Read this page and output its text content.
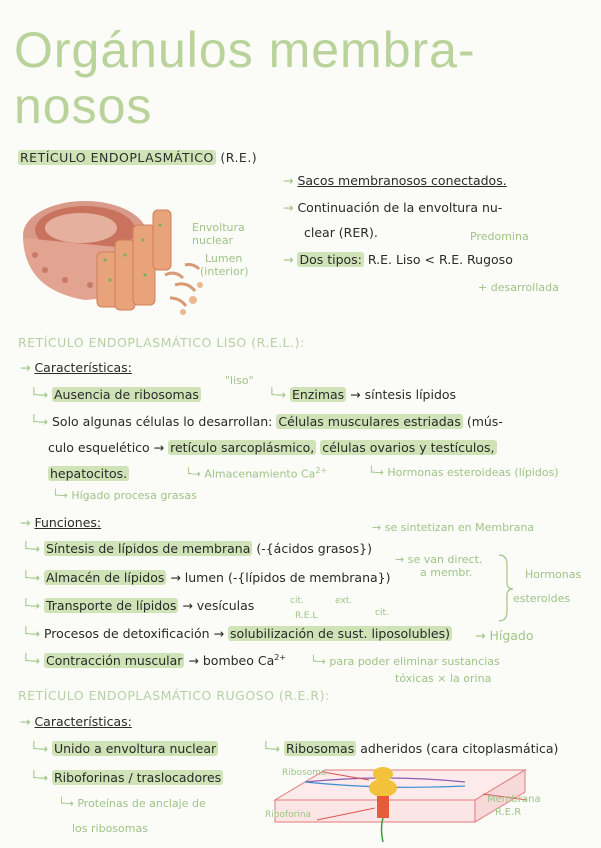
Orgánulos membra-
nosos
RETÍCULO ENDOPLASMÁTICO (R.E.)
Envoltura
nuclear
Lumen
(interior)
→ Sacos membranosos conectados.
→ Continuación de la envoltura nu-
clear (RER).	Predomina
→ Dos tipos: R.E. Liso < R.E. Rugoso
+ desarrollada
RETÍCULO ENDOPLASMÁTICO LISO (R.E.L.):
→ Características:
└→ Ausencia de ribosomas
"liso"
└→ Enzimas → síntesis lípidos
└→ Solo algunas células lo desarrollan: Células musculares estriadas (mús-
culo esquelético → retículo sarcoplásmico, células ovarios y testículos,
hepatocitos.	└→ Almacenamiento $Ca^{2+}$	└→ Hormonas esteroideas (lípidos)
└→ Hígado procesa grasas
→ Funciones:	→ se sintetizan en Membrana
└→ Síntesis de lípidos de membrana (-{ácidos grasos})
→ se van direct.
a membr.	Hormonas
esteroides
└→ Almacén de lípidos → lumen (-{lípidos de membrana})
└→ Transporte de lípidos → vesículas	cit.	ext.
R.E.L	cit.
└→ Procesos de detoxificación → solubilización de sust. liposolubles) → Hígado
└→ Contracción muscular → bombeo $Ca^{2+}$ └→ para poder eliminar sustancias
tóxicas × la orina
RETÍCULO ENDOPLASMÁTICO RUGOSO (R.E.R):
→ Características:
└→ Unido a envoltura nuclear	└→ Ribosomas adheridos (cara citoplasmática)
└→ Riboforinas / traslocadores
└→ Proteínas de anclaje de
los ribosomas
Ribosoma
Riboforina
Membrana
R.E.R
